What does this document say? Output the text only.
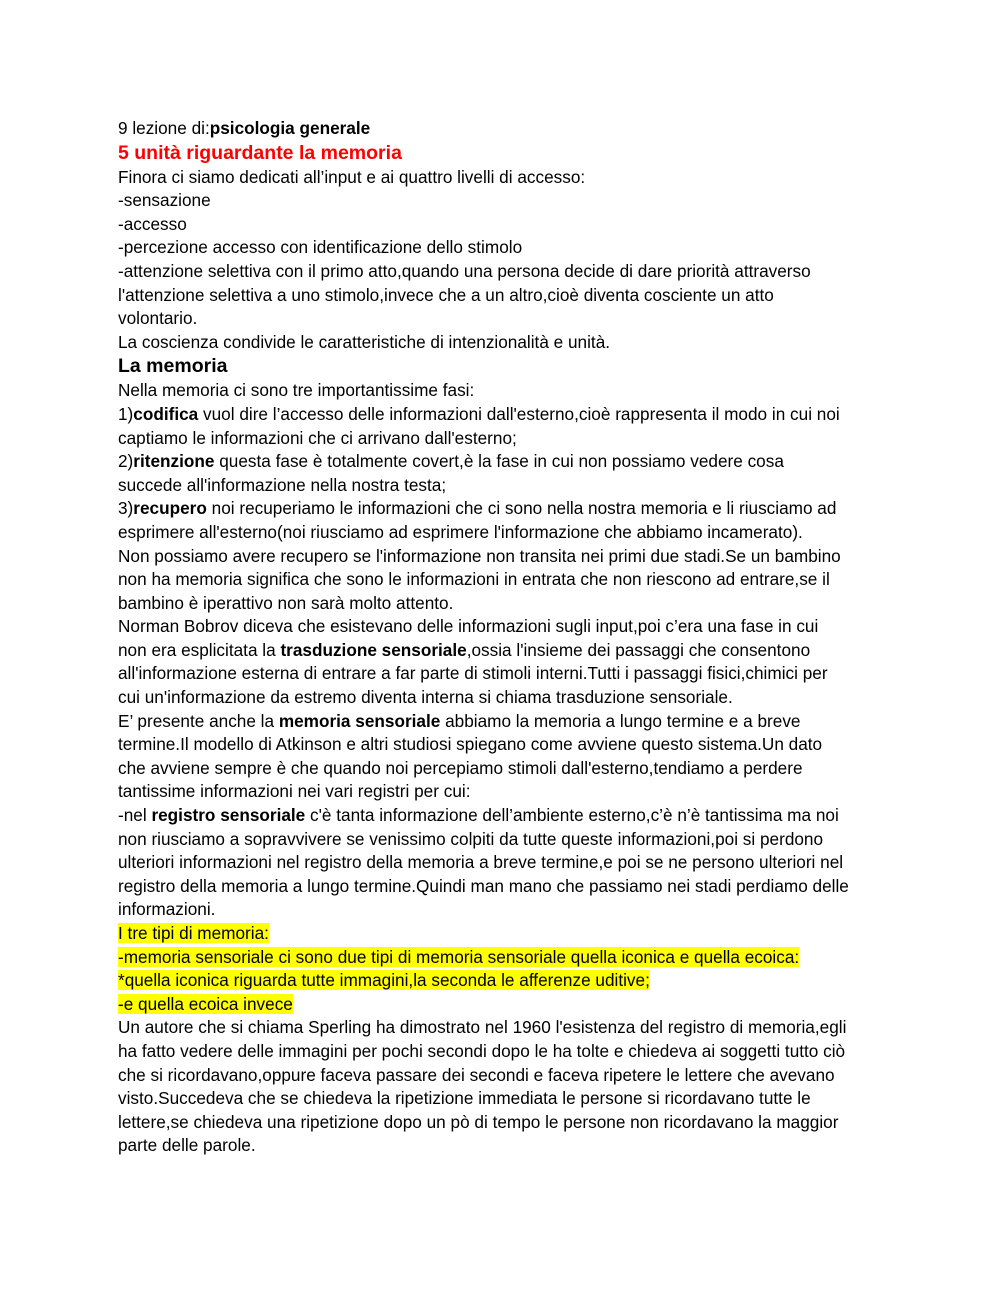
9 lezione di:psicologia generale
5 unità riguardante la memoria
Finora ci siamo dedicati all’input e ai quattro livelli di accesso:
-sensazione
-accesso
-percezione accesso con identificazione dello stimolo
-attenzione selettiva con il primo atto,quando una persona decide di dare priorità attraverso
l'attenzione selettiva a uno stimolo,invece che a un altro,cioè diventa cosciente un atto
volontario.
La coscienza condivide le caratteristiche di intenzionalità e unità.
La memoria
Nella memoria ci sono tre importantissime fasi:
1)codifica vuol dire l’accesso delle informazioni dall'esterno,cioè rappresenta il modo in cui noi
captiamo le informazioni che ci arrivano dall'esterno;
2)ritenzione questa fase è totalmente covert,è la fase in cui non possiamo vedere cosa
succede all'informazione nella nostra testa;
3)recupero noi recuperiamo le informazioni che ci sono nella nostra memoria e li riusciamo ad
esprimere all'esterno(noi riusciamo ad esprimere l'informazione che abbiamo incamerato).
Non possiamo avere recupero se l'informazione non transita nei primi due stadi.Se un bambino
non ha memoria significa che sono le informazioni in entrata che non riescono ad entrare,se il
bambino è iperattivo non sarà molto attento.
Norman Bobrov diceva che esistevano delle informazioni sugli input,poi c’era una fase in cui
non era esplicitata la trasduzione sensoriale,ossia l'insieme dei passaggi che consentono
all'informazione esterna di entrare a far parte di stimoli interni.Tutti i passaggi fisici,chimici per
cui un'informazione da estremo diventa interna si chiama trasduzione sensoriale.
E’ presente anche la memoria sensoriale abbiamo la memoria a lungo termine e a breve
termine.Il modello di Atkinson e altri studiosi spiegano come avviene questo sistema.Un dato
che avviene sempre è che quando noi percepiamo stimoli dall'esterno,tendiamo a perdere
tantissime informazioni nei vari registri per cui:
-nel registro sensoriale c'è tanta informazione dell’ambiente esterno,c’è n’è tantissima ma noi
non riusciamo a sopravvivere se venissimo colpiti da tutte queste informazioni,poi si perdono
ulteriori informazioni nel registro della memoria a breve termine,e poi se ne persono ulteriori nel
registro della memoria a lungo termine.Quindi man mano che passiamo nei stadi perdiamo delle
informazioni.
I tre tipi di memoria:
-memoria sensoriale ci sono due tipi di memoria sensoriale quella iconica e quella ecoica:
*quella iconica riguarda tutte immagini,la seconda le afferenze uditive;
-e quella ecoica invece
Un autore che si chiama Sperling ha dimostrato nel 1960 l'esistenza del registro di memoria,egli
ha fatto vedere delle immagini per pochi secondi dopo le ha tolte e chiedeva ai soggetti tutto ciò
che si ricordavano,oppure faceva passare dei secondi e faceva ripetere le lettere che avevano
visto.Succedeva che se chiedeva la ripetizione immediata le persone si ricordavano tutte le
lettere,se chiedeva una ripetizione dopo un pò di tempo le persone non ricordavano la maggior
parte delle parole.
